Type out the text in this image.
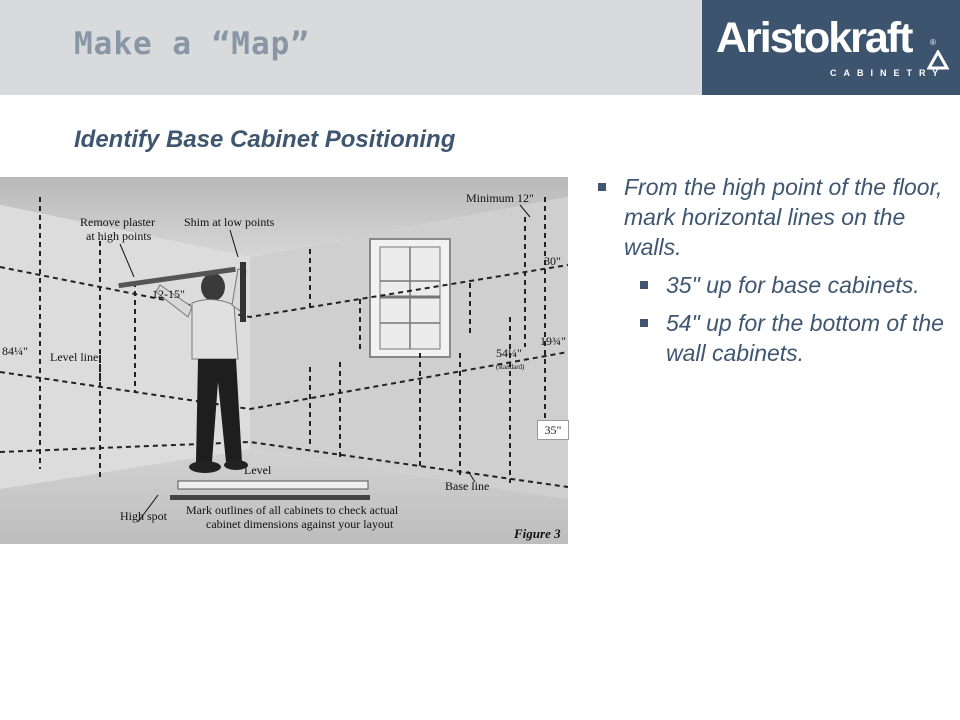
Make a “Map”	Aristokraft ®
CABINETRY
Identify Base Cabinet Positioning
Remove plaster
at high points
Shim at low points
Minimum 12"
12-15"
84¼" Level line
30"
19¾"
54¼"
(standard)
Level
Base line
High spot Mark outlines of all cabinets to check actual
cabinet dimensions against your layout
Figure 3
35"
From the high point of the floor, mark horizontal lines on the walls.
35" up for base cabinets.
54" up for the bottom of the wall cabinets.
